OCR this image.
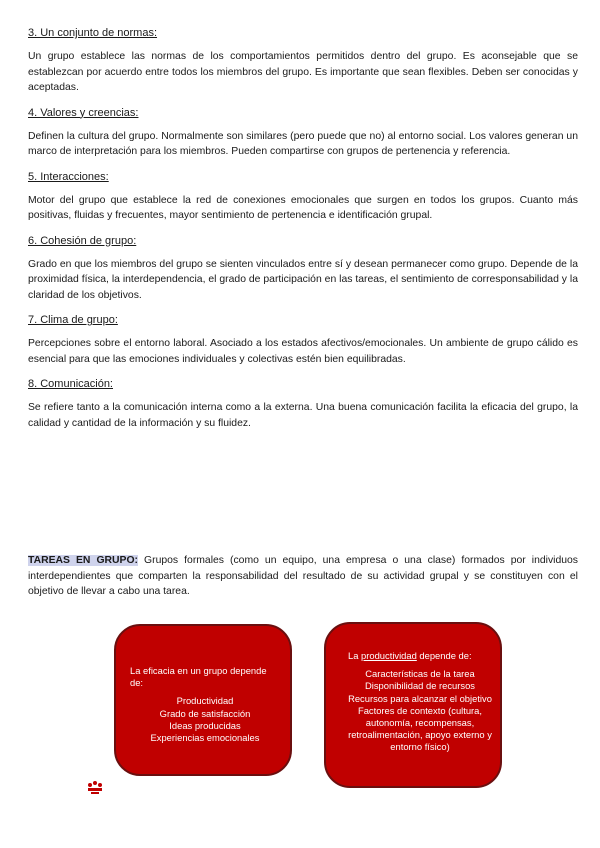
3. Un conjunto de normas:

Un grupo establece las normas de los comportamientos permitidos dentro del grupo. Es aconsejable que se establezcan por acuerdo entre todos los miembros del grupo. Es importante que sean flexibles. Deben ser conocidas y aceptadas.

4. Valores y creencias:

Definen la cultura del grupo. Normalmente son similares (pero puede que no) al entorno social. Los valores generan un marco de interpretación para los miembros. Pueden compartirse con grupos de pertenencia y referencia.

5. Interacciones:

Motor del grupo que establece la red de conexiones emocionales que surgen en todos los grupos. Cuanto más positivas, fluidas y frecuentes, mayor sentimiento de pertenencia e identificación grupal.

6. Cohesión de grupo:

Grado en que los miembros del grupo se sienten vinculados entre sí y desean permanecer como grupo. Depende de la proximidad física, la interdependencia, el grado de participación en las tareas, el sentimiento de corresponsabilidad y la claridad de los objetivos.

7. Clima de grupo:

Percepciones sobre el entorno laboral. Asociado a los estados afectivos/emocionales. Un ambiente de grupo cálido es esencial para que las emociones individuales y colectivas estén bien equilibradas.

8. Comunicación:

Se refiere tanto a la comunicación interna como a la externa. Una buena comunicación facilita la eficacia del grupo, la calidad y cantidad de la información y su fluidez.

TAREAS EN GRUPO: Grupos formales (como un equipo, una empresa o una clase) formados por individuos interdependientes que comparten la responsabilidad del resultado de su actividad grupal y se constituyen con el objetivo de llevar a cabo una tarea.

La eficacia en un grupo depende de:

Productividad
Grado de satisfacción
Ideas producidas
Experiencias emocionales

La productividad depende de:

Características de la tarea
Disponibilidad de recursos
Recursos para alcanzar el objetivo Factores de contexto (cultura, autonomía, recompensas, retroalimentación, apoyo externo y entorno físico)
